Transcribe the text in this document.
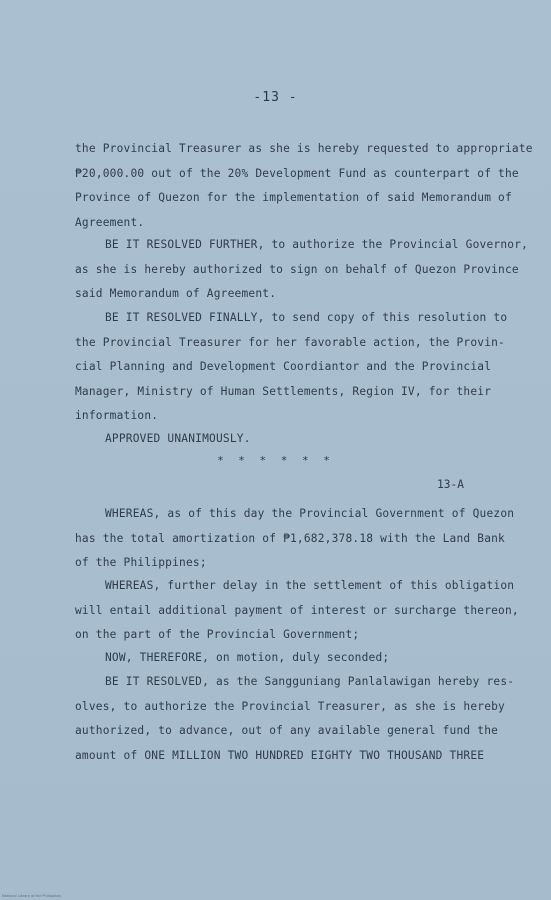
-13 -
the Provincial Treasurer as she is hereby requested to appropriate
₱20,000.00 out of the 20% Development Fund as counterpart of the
Province of Quezon for the implementation of said Memorandum of
Agreement.
BE IT RESOLVED FURTHER, to authorize the Provincial Governor,
as she is hereby authorized to sign on behalf of Quezon Province
said Memorandum of Agreement.
BE IT RESOLVED FINALLY, to send copy of this resolution to
the Provincial Treasurer for her favorable action, the Provin-
cial Planning and Development Coordiantor and the Provincial
Manager, Ministry of Human Settlements, Region IV, for their
information.
APPROVED UNANIMOUSLY.
* * * * * *
13-A
WHEREAS, as of this day the Provincial Government of Quezon
has the total amortization of ₱1,682,378.18 with the Land Bank
of the Philippines;
WHEREAS, further delay in the settlement of this obligation
will entail additional payment of interest or surcharge thereon,
on the part of the Provincial Government;
NOW, THEREFORE, on motion, duly seconded;
BE IT RESOLVED, as the Sangguniang Panlalawigan hereby res-
olves, to authorize the Provincial Treasurer, as she is hereby
authorized, to advance, out of any available general fund the
amount of ONE MILLION TWO HUNDRED EIGHTY TWO THOUSAND THREE
National Library of the Philippines
